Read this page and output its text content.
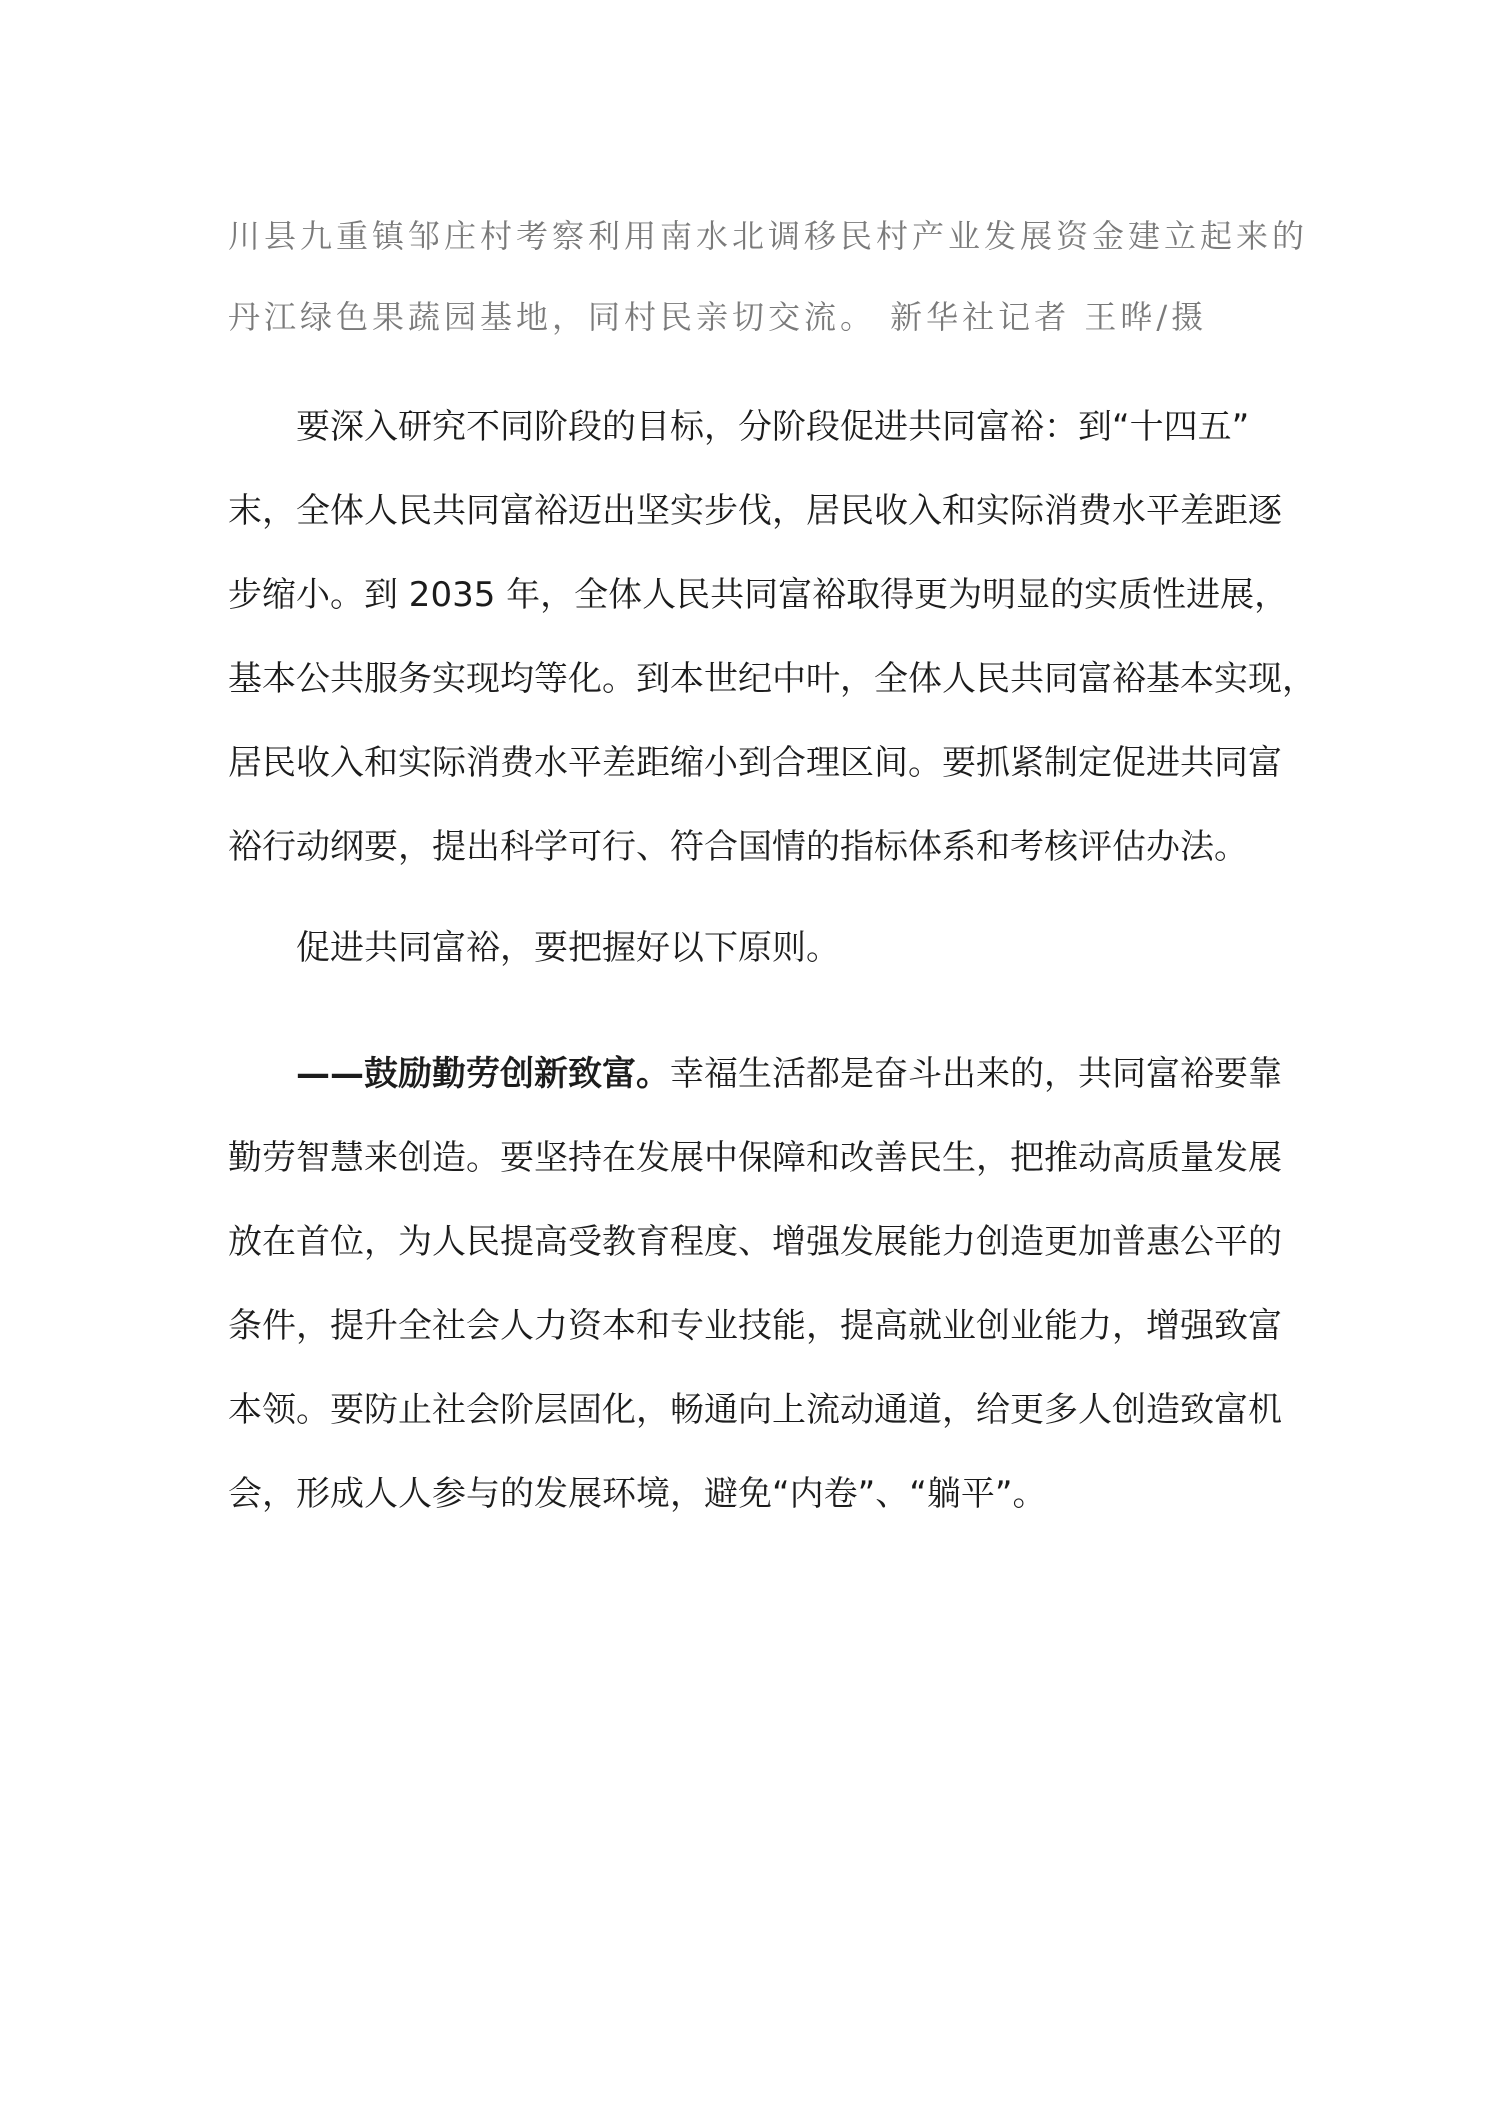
川县九重镇邹庄村考察利用南水北调移民村产业发展资金建立起来的
丹江绿色果蔬园基地，同村民亲切交流。 新华社记者 王晔/摄
要深入研究不同阶段的目标，分阶段促进共同富裕：到“十四五”
末，全体人民共同富裕迈出坚实步伐，居民收入和实际消费水平差距逐
步缩小。到 2035 年，全体人民共同富裕取得更为明显的实质性进展，
基本公共服务实现均等化。到本世纪中叶，全体人民共同富裕基本实现，
居民收入和实际消费水平差距缩小到合理区间。要抓紧制定促进共同富
裕行动纲要，提出科学可行、符合国情的指标体系和考核评估办法。
促进共同富裕，要把握好以下原则。
——鼓励勤劳创新致富。幸福生活都是奋斗出来的，共同富裕要靠
勤劳智慧来创造。要坚持在发展中保障和改善民生，把推动高质量发展
放在首位，为人民提高受教育程度、增强发展能力创造更加普惠公平的
条件，提升全社会人力资本和专业技能，提高就业创业能力，增强致富
本领。要防止社会阶层固化，畅通向上流动通道，给更多人创造致富机
会，形成人人参与的发展环境，避免“内卷”、“躺平”。
